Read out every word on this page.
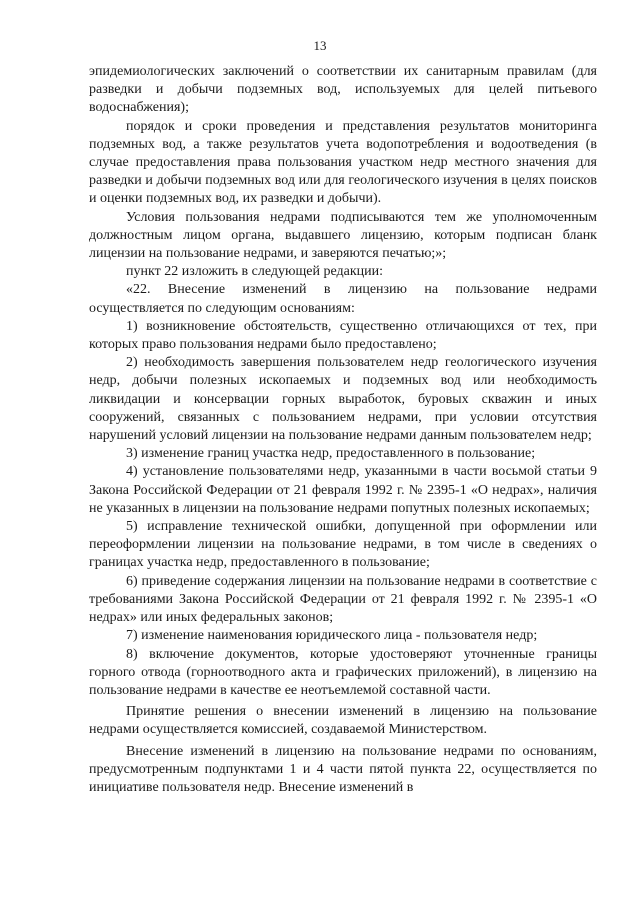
13

эпидемиологических заключений о соответствии их санитарным правилам (для разведки и добычи подземных вод, используемых для целей питьевого водоснабжения);

порядок и сроки проведения и представления результатов мониторинга подземных вод, а также результатов учета водопотребления и водоотведения (в случае предоставления права пользования участком недр местного значения для разведки и добычи подземных вод или для геологического изучения в целях поисков и оценки подземных вод, их разведки и добычи).

Условия пользования недрами подписываются тем же уполномоченным должностным лицом органа, выдавшего лицензию, которым подписан бланк лицензии на пользование недрами, и заверяются печатью;»;

пункт 22 изложить в следующей редакции:

«22. Внесение изменений в лицензию на пользование недрами осуществляется по следующим основаниям:

1) возникновение обстоятельств, существенно отличающихся от тех, при которых право пользования недрами было предоставлено;

2) необходимость завершения пользователем недр геологического изучения недр, добычи полезных ископаемых и подземных вод или необходимость ликвидации и консервации горных выработок, буровых скважин и иных сооружений, связанных с пользованием недрами, при условии отсутствия нарушений условий лицензии на пользование недрами данным пользователем недр;

3) изменение границ участка недр, предоставленного в пользование;

4) установление пользователями недр, указанными в части восьмой статьи 9 Закона Российской Федерации от 21 февраля 1992 г. № 2395-1 «О недрах», наличия не указанных в лицензии на пользование недрами попутных полезных ископаемых;

5) исправление технической ошибки, допущенной при оформлении или переоформлении лицензии на пользование недрами, в том числе в сведениях о границах участка недр, предоставленного в пользование;

6) приведение содержания лицензии на пользование недрами в соответствие с требованиями Закона Российской Федерации от 21 февраля 1992 г. № 2395-1 «О недрах» или иных федеральных законов;

7) изменение наименования юридического лица - пользователя недр;

8) включение документов, которые удостоверяют уточненные границы горного отвода (горноотводного акта и графических приложений), в лицензию на пользование недрами в качестве ее неотъемлемой составной части.

Принятие решения о внесении изменений в лицензию на пользование недрами осуществляется комиссией, создаваемой Министерством.

Внесение изменений в лицензию на пользование недрами по основаниям, предусмотренным подпунктами 1 и 4 части пятой пункта 22, осуществляется по инициативе пользователя недр. Внесение изменений в
